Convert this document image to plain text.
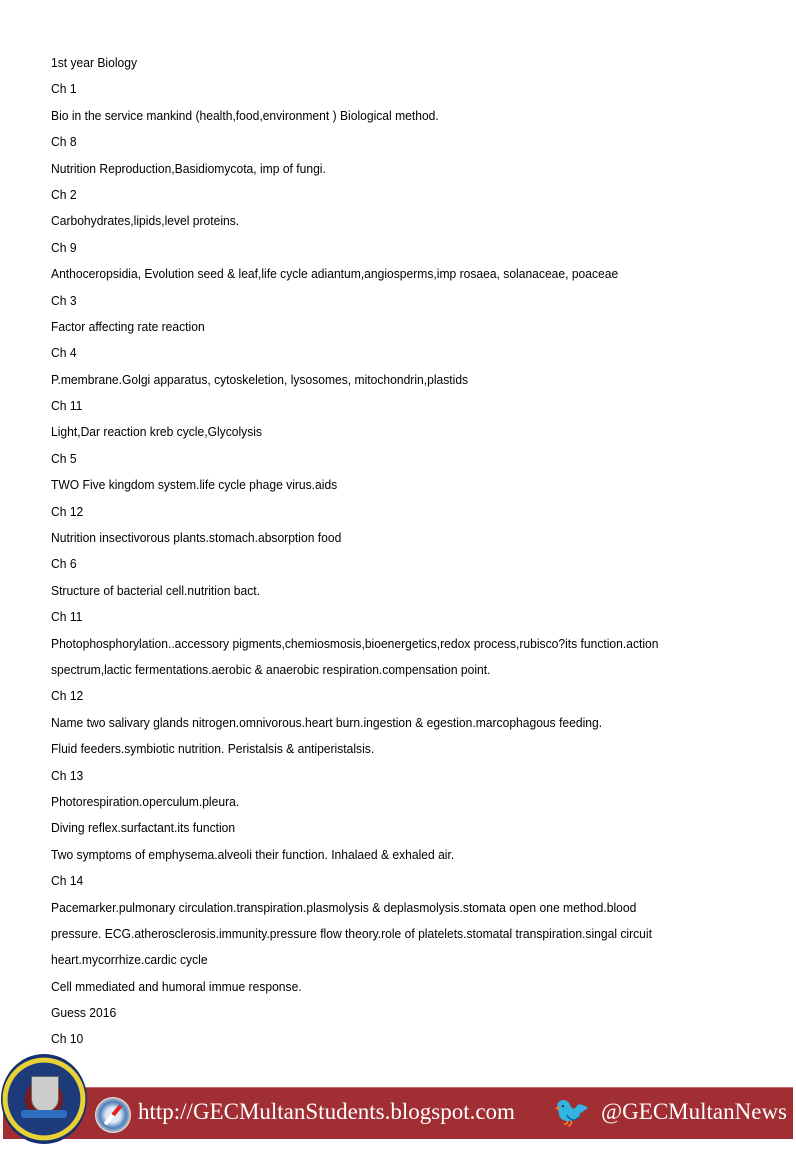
1st year Biology
Ch 1
Bio in the service mankind (health,food,environment ) Biological method.
Ch 8
Nutrition Reproduction,Basidiomycota, imp of fungi.
Ch 2
Carbohydrates,lipids,level proteins.
Ch 9
Anthoceropsidia, Evolution seed & leaf,life cycle adiantum,angiosperms,imp rosaea, solanaceae, poaceae
Ch 3
Factor affecting rate reaction
Ch 4
P.membrane.Golgi apparatus, cytoskeletion, lysosomes, mitochondrin,plastids
Ch 11
Light,Dar reaction kreb cycle,Glycolysis
Ch 5
TWO Five kingdom system.life cycle phage virus.aids
Ch 12
Nutrition insectivorous plants.stomach.absorption food
Ch 6
Structure of bacterial cell.nutrition bact.
Ch 11
Photophosphorylation..accessory pigments,chemiosmosis,bioenergetics,redox process,rubisco?its function.action
spectrum,lactic fermentations.aerobic & anaerobic respiration.compensation point.
Ch 12
Name two salivary glands nitrogen.omnivorous.heart burn.ingestion & egestion.marcophagous feeding.
Fluid feeders.symbiotic nutrition. Peristalsis & antiperistalsis.
Ch 13
Photorespiration.operculum.pleura.
Diving reflex.surfactant.its function
Two symptoms of emphysema.alveoli their function. Inhalaed & exhaled air.
Ch 14
Pacemarker.pulmonary circulation.transpiration.plasmolysis & deplasmolysis.stomata open one method.blood
pressure. ECG.atherosclerosis.immunity.pressure flow theory.role of platelets.stomatal transpiration.singal circuit
heart.mycorrhize.cardic cycle
Cell mmediated and humoral immue response.
Guess 2016
Ch 10
http://GECMultanStudents.blogspot.com 🐦 @GECMultanNews
